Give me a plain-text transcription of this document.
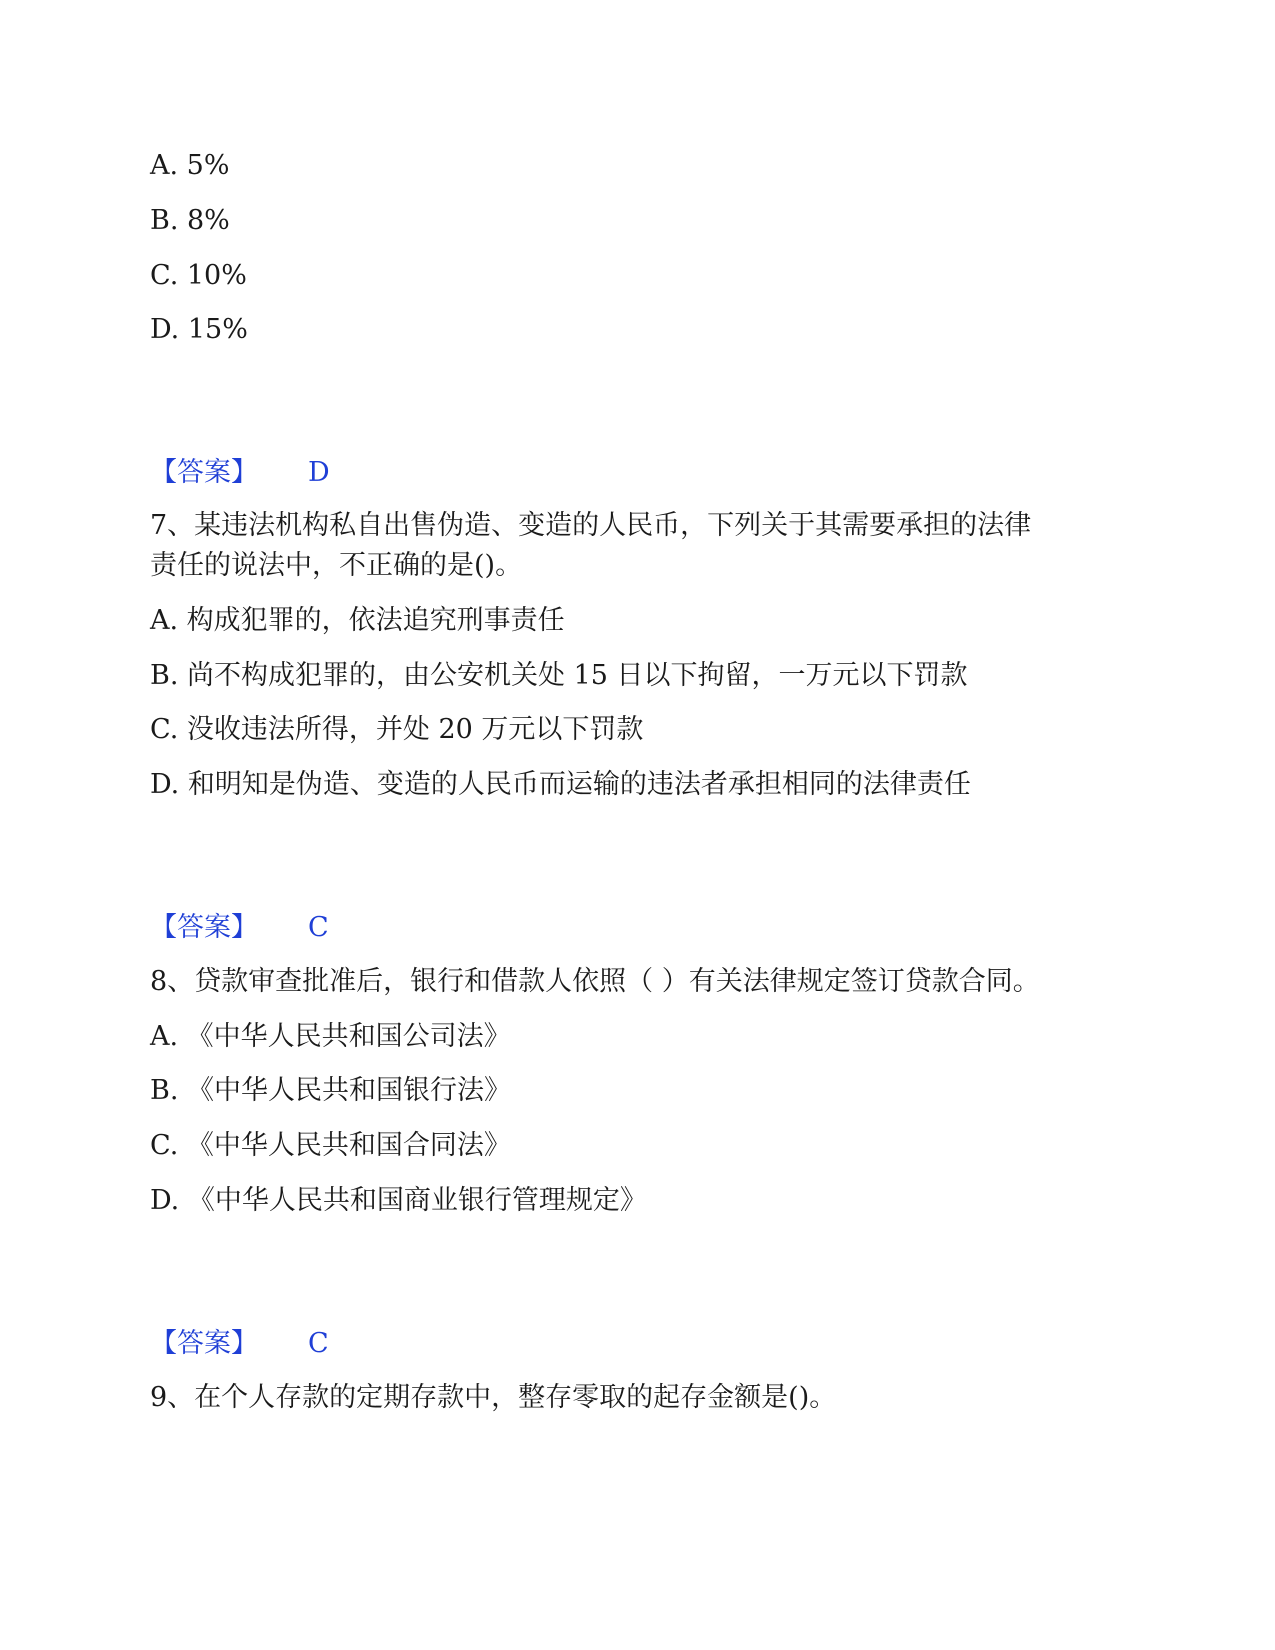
A. 5%
B. 8%
C. 10%
D. 15%
【答案】 D
7、某违法机构私自出售伪造、变造的人民币，下列关于其需要承担的法律
责任的说法中，不正确的是()。
A. 构成犯罪的，依法追究刑事责任
B. 尚不构成犯罪的，由公安机关处 15 日以下拘留，一万元以下罚款
C. 没收违法所得，并处 20 万元以下罚款
D. 和明知是伪造、变造的人民币而运输的违法者承担相同的法律责任
【答案】 C
8、贷款审查批准后，银行和借款人依照（ ）有关法律规定签订贷款合同。
A. 《中华人民共和国公司法》
B. 《中华人民共和国银行法》
C. 《中华人民共和国合同法》
D. 《中华人民共和国商业银行管理规定》
【答案】 C
9、在个人存款的定期存款中，整存零取的起存金额是()。
